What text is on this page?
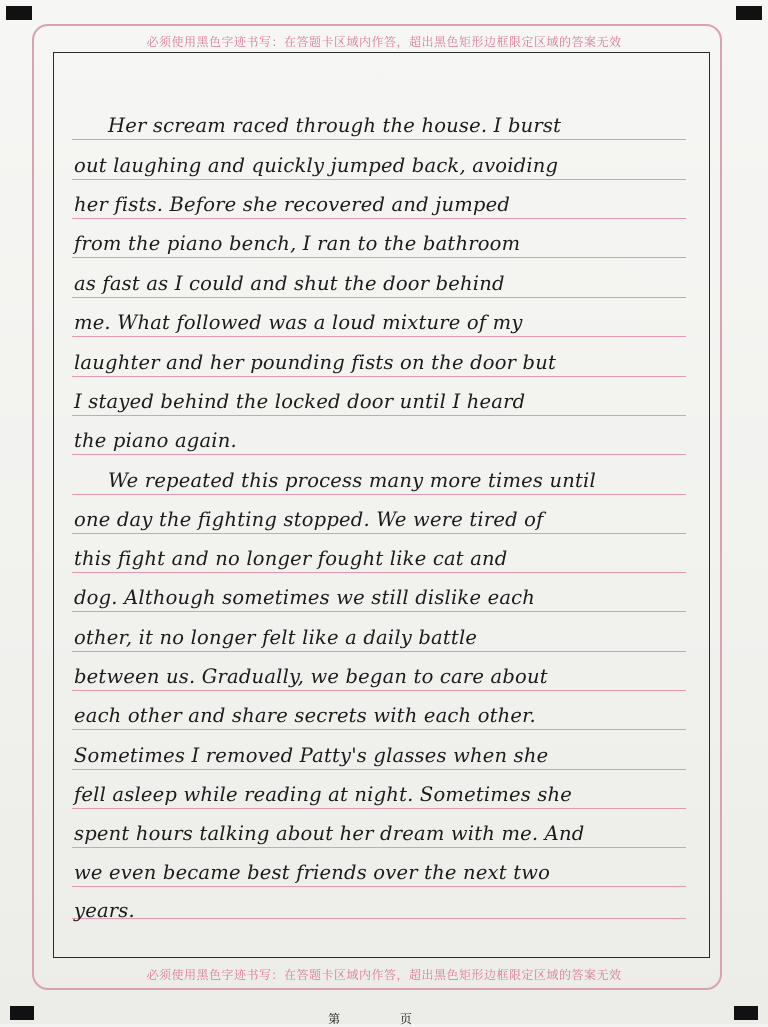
必须使用黑色字迹书写：在答题卡区域内作答，超出黑色矩形边框限定区域的答案无效
必须使用黑色字迹书写：在答题卡区域内作答，超出黑色矩形边框限定区域的答案无效
Her scream raced through the house. I burst
out laughing and quickly jumped back, avoiding
her fists. Before she recovered and jumped
from the piano bench, I ran to the bathroom
as fast as I could and shut the door behind
me. What followed was a loud mixture of my
laughter and her pounding fists on the door but
I stayed behind the locked door until I heard
the piano again.
We repeated this process many more times until
one day the fighting stopped. We were tired of
this fight and no longer fought like cat and
dog. Although sometimes we still dislike each
other, it no longer felt like a daily battle
between us. Gradually, we began to care about
each other and share secrets with each other.
Sometimes I removed Patty's glasses when she
fell asleep while reading at night. Sometimes she
spent hours talking about her dream with me. And
we even became best friends over the next two
years.
第 页
